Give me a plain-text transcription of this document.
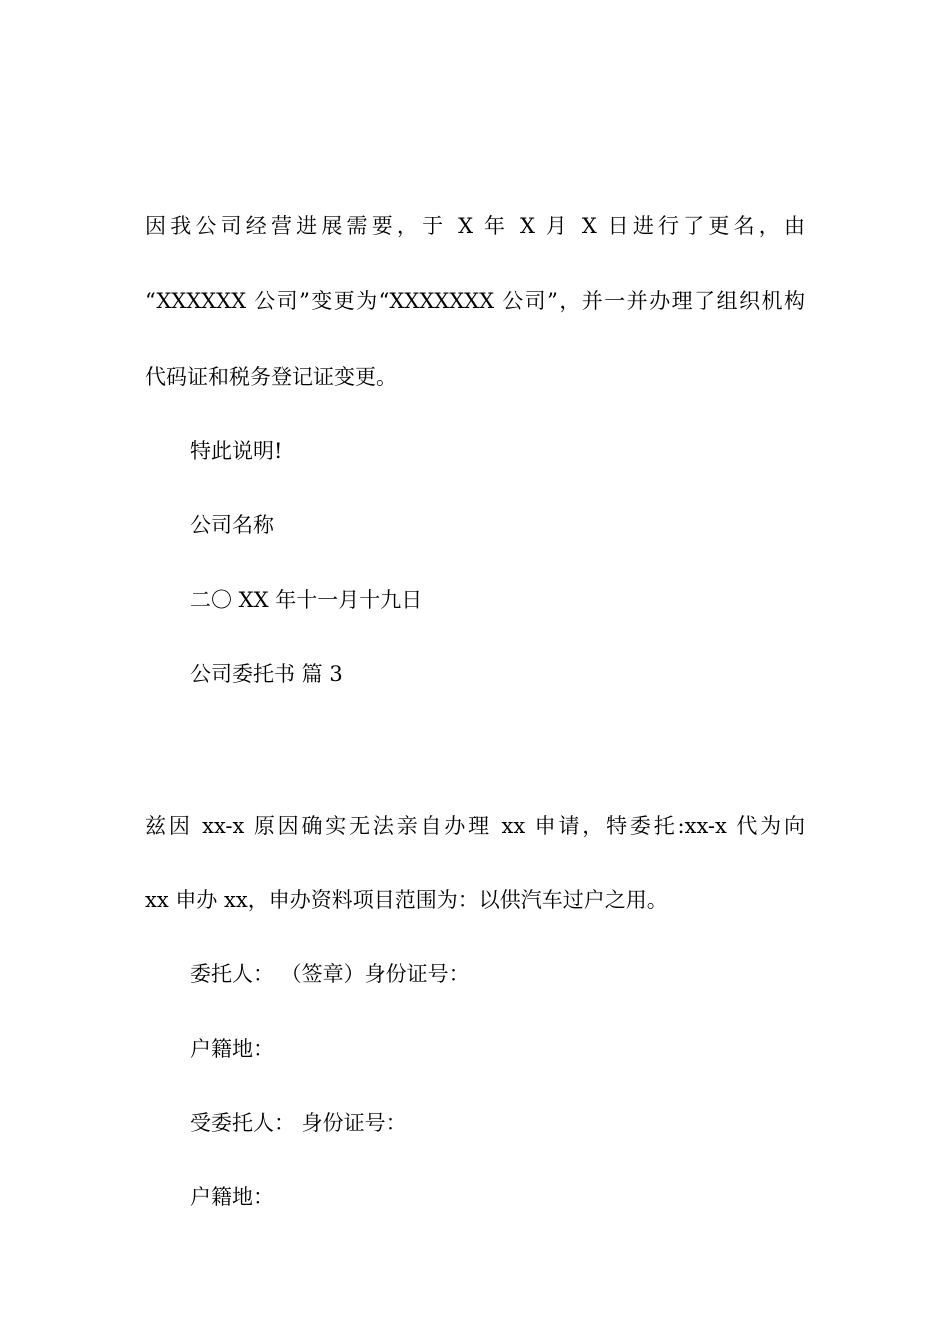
因我公司经营进展需要，于 X 年 X 月 X 日进行了更名，由
“XXXXXX 公司”变更为“XXXXXXX 公司”，并一并办理了组织机构
代码证和税务登记证变更。
特此说明!
公司名称
二〇 XX 年十一月十九日
公司委托书 篇 3
兹因 xx-x 原因确实无法亲自办理 xx 申请，特委托:xx-x 代为向
xx 申办 xx，申办资料项目范围为：以供汽车过户之用。
委托人： （签章）身份证号：
户籍地：
受委托人： 身份证号：
户籍地：
